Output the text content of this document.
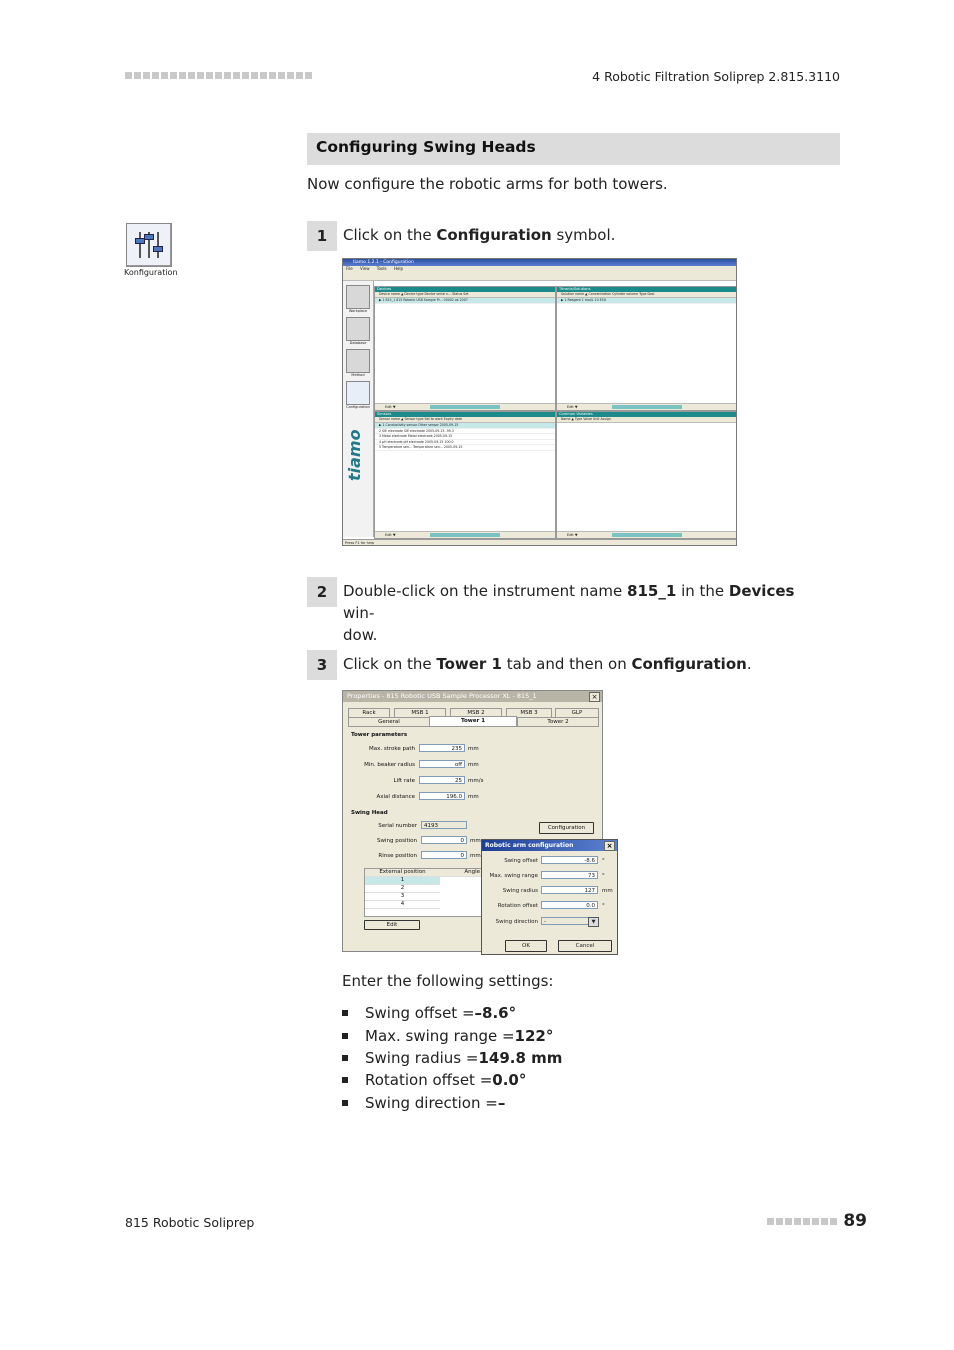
4 Robotic Filtration Soliprep 2.815.3110
Configuring Swing Heads
Now configure the robotic arms for both towers.
Konfiguration
1	Click on the Configuration symbol.
tiamo 1.2.1 - Configuration
File View Tools Help
Workplace
Database
Method
Configuration
tiamo
Devices
Device name ▲ Device type Device serial n... Status Set
▶ 1 815_1 815 Robotic USB Sample Pr... 00002 ok 2007
Edit ▼
Titrants/Solutions
Solution name ▲ Concentration Cylinder volume Type Dosi
▶ 1 Reagent 1 mol/L 10 ESU
Edit ▼
Sensors
Sensor name ▲ Sensor type Set to work Expiry date
▶ 1 Conductivity sensor Other sensor 2005-09-15
2 SIE electrode SIE electrode 2005-09-15 -99.3
3 Metal electrode Metal electrode 2005-09-15
4 pH electrode pH electrode 2005-09-15 100.0
5 Temperature sen... Temperature sen... 2005-09-15
Edit ▼
Common Variables
Name ▲ Type Value Unit Assign
Edit ▼
Press F1 for help
2	Double-click on the instrument name 815_1 in the Devices win-
dow.
3	Click on the Tower 1 tab and then on Configuration.
Properties - 815 Robotic USB Sample Processor XL - 815_1	×
Rack	MSB 1	MSB 2	MSB 3	GLP
General	Tower 1	Tower 2
Tower parameters
Max. stroke path	235	mm
Min. beaker radius	off	mm
Lift rate	25	mm/s
Axial distance	196.0	mm
Swing Head
Serial number	4193	Configuration
Swing position	0	mm
Rinse position	0	mm
External position	Angle
1
2
3
4
Edit
Robotic arm configuration	×
Swing offset	-8.6	°
Max. swing range	73	°
Swing radius	127	mm
Rotation offset	0.0	°
Swing direction	-	▼
OK	Cancel
Enter the following settings:
Swing offset = –8.6°
Max. swing range = 122°
Swing radius = 149.8 mm
Rotation offset = 0.0°
Swing direction = –
815 Robotic Soliprep	89
